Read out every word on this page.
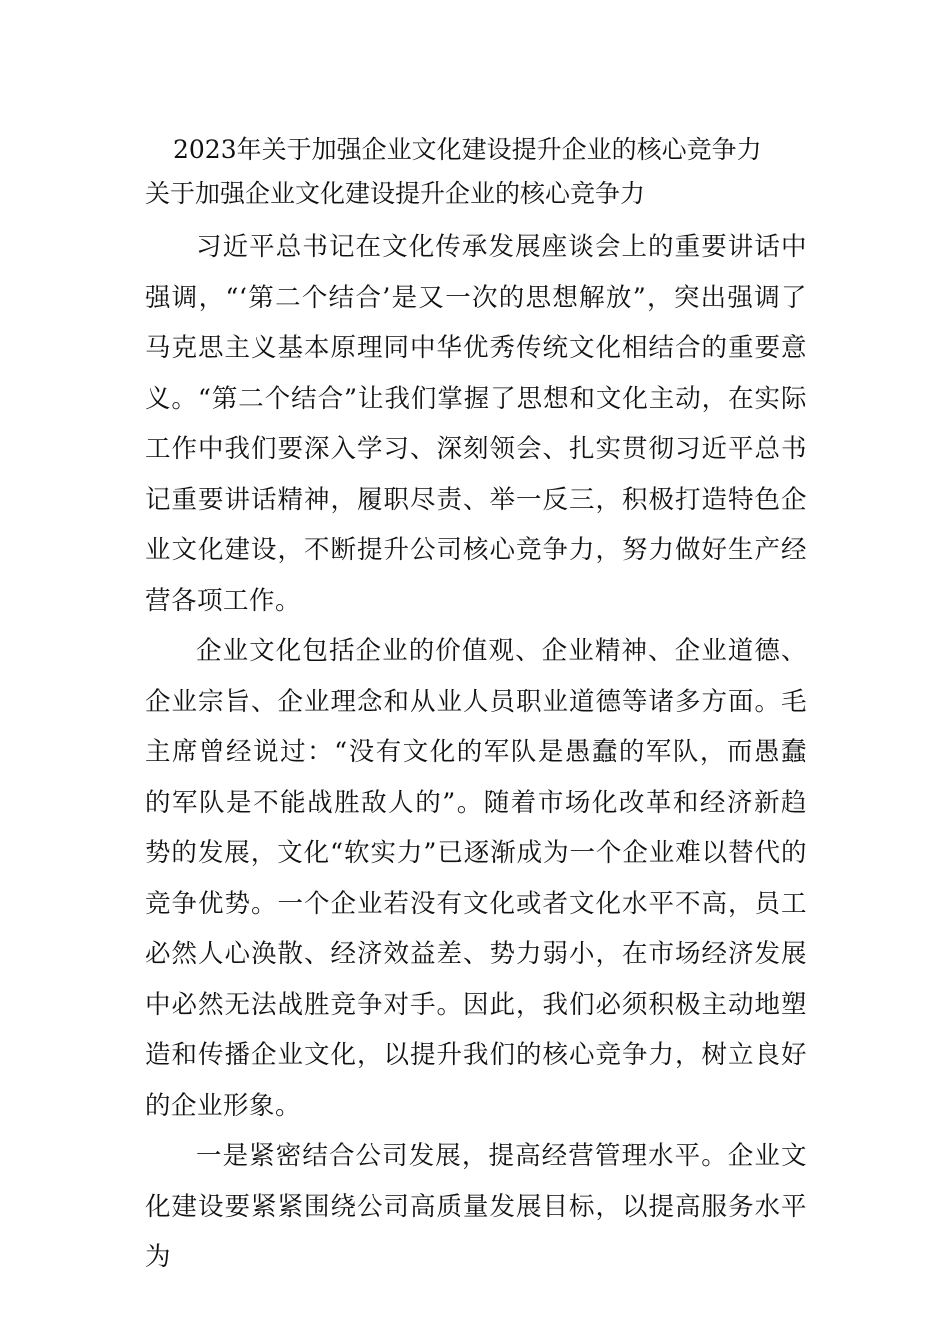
2023年关于加强企业文化建设提升企业的核心竞争力
关于加强企业文化建设提升企业的核心竞争力

习近平总书记在文化传承发展座谈会上的重要讲话中强调，“‘第二个结合’是又一次的思想解放”，突出强调了马克思主义基本原理同中华优秀传统文化相结合的重要意义。“第二个结合”让我们掌握了思想和文化主动，在实际工作中我们要深入学习、深刻领会、扎实贯彻习近平总书记重要讲话精神，履职尽责、举一反三，积极打造特色企业文化建设，不断提升公司核心竞争力，努力做好生产经营各项工作。

企业文化包括企业的价值观、企业精神、企业道德、企业宗旨、企业理念和从业人员职业道德等诸多方面。毛主席曾经说过：“没有文化的军队是愚蠢的军队，而愚蠢的军队是不能战胜敌人的”。随着市场化改革和经济新趋势的发展，文化“软实力”已逐渐成为一个企业难以替代的竞争优势。一个企业若没有文化或者文化水平不高，员工必然人心涣散、经济效益差、势力弱小，在市场经济发展中必然无法战胜竞争对手。因此，我们必须积极主动地塑造和传播企业文化，以提升我们的核心竞争力，树立良好的企业形象。

一是紧密结合公司发展，提高经营管理水平。企业文化建设要紧紧围绕公司高质量发展目标，以提高服务水平为
